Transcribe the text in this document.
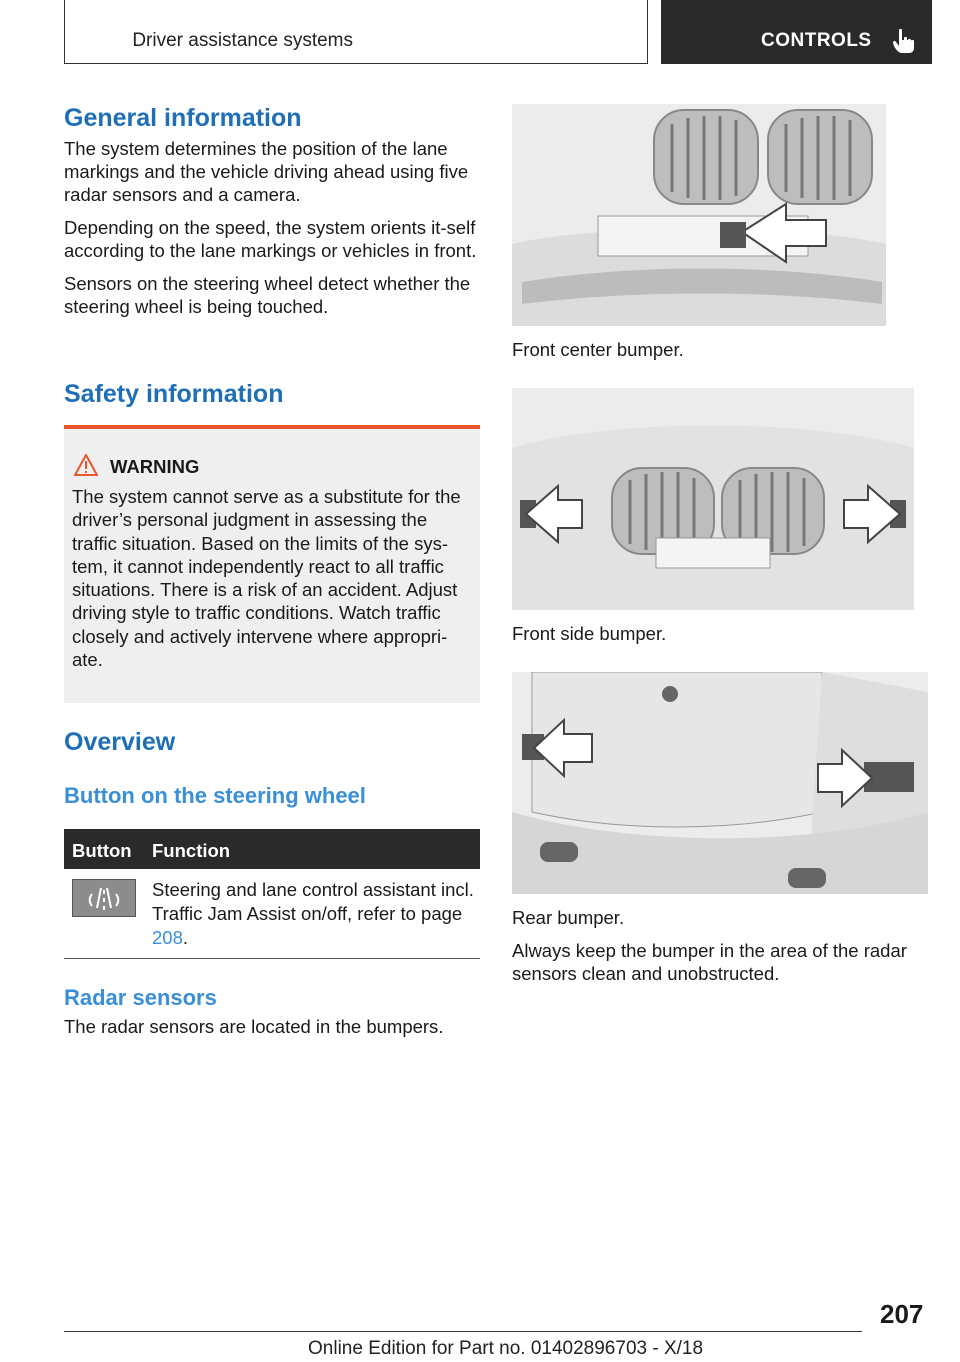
Driver assistance systems	CONTROLS
General information

The system determines the position of the lane markings and the vehicle driving ahead using five radar sensors and a camera.

Depending on the speed, the system orients it-self according to the lane markings or vehicles in front.

Sensors on the steering wheel detect whether the steering wheel is being touched.

Safety information
WARNING
The system cannot serve as a substitute for the driver’s personal judgment in assessing the traffic situation. Based on the limits of the sys-tem, it cannot independently react to all traffic situations. There is a risk of an accident. Adjust driving style to traffic conditions. Watch traffic closely and actively intervene where appropri-ate.
Overview
Button on the steering wheel
Button Function
Steering and lane control assistant incl. Traffic Jam Assist on/off, refer to page 208.
Radar sensors

The radar sensors are located in the bumpers.

Front center bumper.
Front side bumper.
Rear bumper.

Always keep the bumper in the area of the radar sensors clean and unobstructed.

207
Online Edition for Part no. 01402896703 - X/18
